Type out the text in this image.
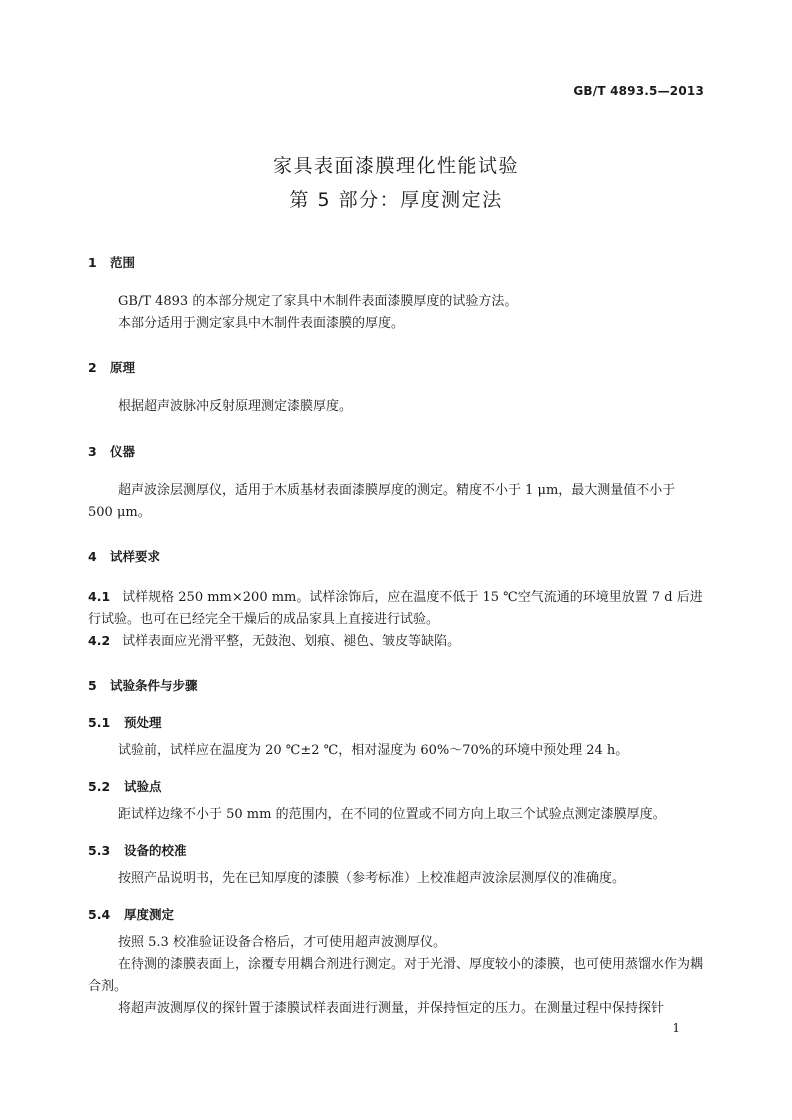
GB/T 4893.5—2013
家具表面漆膜理化性能试验
第 5 部分：厚度测定法
1 范围

GB/T 4893 的本部分规定了家具中木制件表面漆膜厚度的试验方法。

本部分适用于测定家具中木制件表面漆膜的厚度。

2 原理

根据超声波脉冲反射原理测定漆膜厚度。

3 仪器

超声波涂层测厚仪，适用于木质基材表面漆膜厚度的测定。精度不小于 1 μm，最大测量值不小于 500 μm。

4 试样要求

4.1 试样规格 250 mm×200 mm。试样涂饰后，应在温度不低于 15 ℃空气流通的环境里放置 7 d 后进行试验。也可在已经完全干燥后的成品家具上直接进行试验。

4.2 试样表面应光滑平整，无鼓泡、划痕、褪色、皱皮等缺陷。

5 试验条件与步骤
5.1 预处理

试验前，试样应在温度为 20 ℃±2 ℃，相对湿度为 60%～70%的环境中预处理 24 h。

5.2 试验点

距试样边缘不小于 50 mm 的范围内，在不同的位置或不同方向上取三个试验点测定漆膜厚度。

5.3 设备的校准

按照产品说明书，先在已知厚度的漆膜（参考标准）上校准超声波涂层测厚仪的准确度。

5.4 厚度测定

按照 5.3 校准验证设备合格后，才可使用超声波测厚仪。

在待测的漆膜表面上，涂覆专用耦合剂进行测定。对于光滑、厚度较小的漆膜，也可使用蒸馏水作为耦合剂。

将超声波测厚仪的探针置于漆膜试样表面进行测量，并保持恒定的压力。在测量过程中保持探针

1
